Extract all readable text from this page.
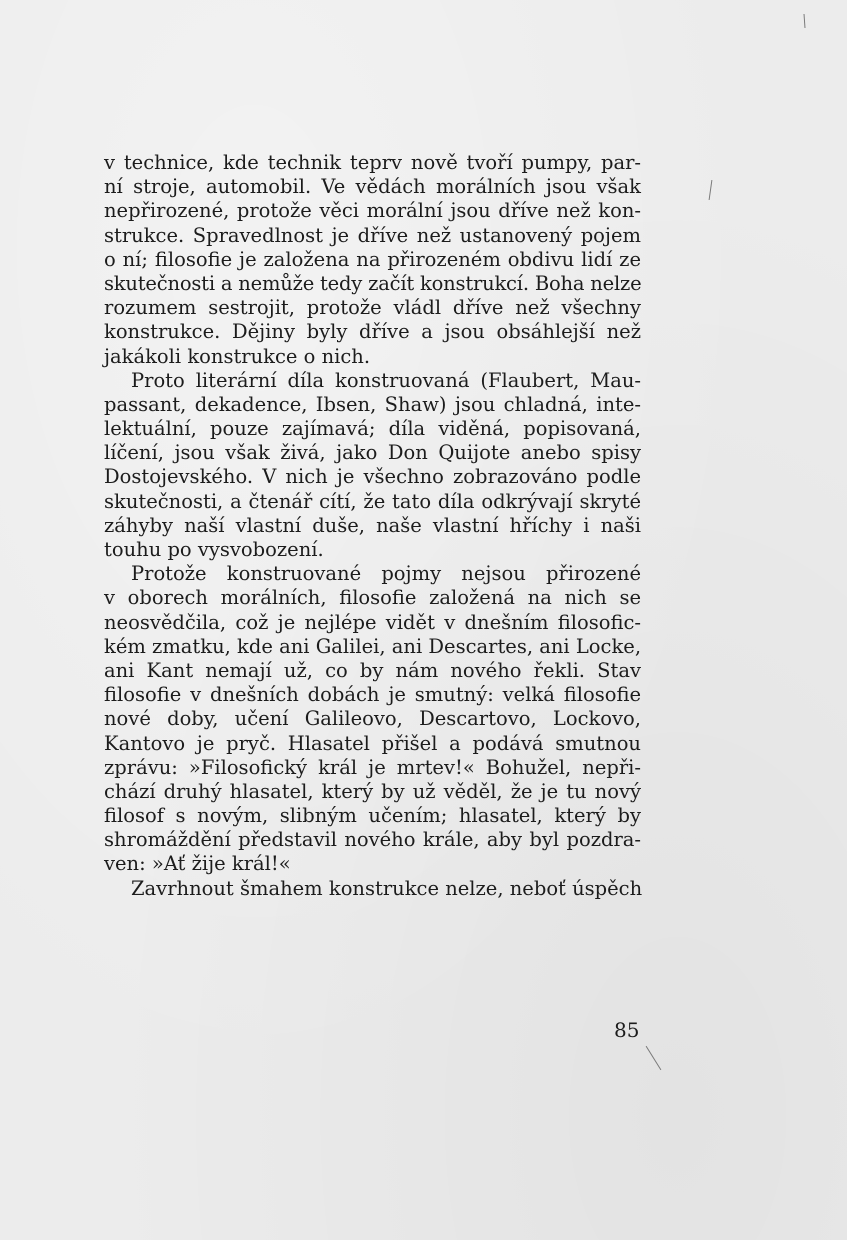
v technice, kde technik teprv nově tvoří pumpy, par-
ní stroje, automobil. Ve vědách morálních jsou však
nepřirozené, protože věci morální jsou dříve než kon-
strukce. Spravedlnost je dříve než ustanovený pojem
o ní; filosofie je založena na přirozeném obdivu lidí ze
skutečnosti a nemůže tedy začít konstrukcí. Boha nelze
rozumem sestrojit, protože vládl dříve než všechny
konstrukce. Dějiny byly dříve a jsou obsáhlejší než
jakákoli konstrukce o nich.
Proto literární díla konstruovaná (Flaubert, Mau-
passant, dekadence, Ibsen, Shaw) jsou chladná, inte-
lektuální, pouze zajímavá; díla viděná, popisovaná,
líčení, jsou však živá, jako Don Quijote anebo spisy
Dostojevského. V nich je všechno zobrazováno podle
skutečnosti, a čtenář cítí, že tato díla odkrývají skryté
záhyby naší vlastní duše, naše vlastní hříchy i naši
touhu po vysvobození.
Protože konstruované pojmy nejsou přirozené
v oborech morálních, filosofie založená na nich se
neosvědčila, což je nejlépe vidět v dnešním filosofic-
kém zmatku, kde ani Galilei, ani Descartes, ani Locke,
ani Kant nemají už, co by nám nového řekli. Stav
filosofie v dnešních dobách je smutný: velká filosofie
nové doby, učení Galileovo, Descartovo, Lockovo,
Kantovo je pryč. Hlasatel přišel a podává smutnou
zprávu: »Filosofický král je mrtev!« Bohužel, nepři-
chází druhý hlasatel, který by už věděl, že je tu nový
filosof s novým, slibným učením; hlasatel, který by
shromáždění představil nového krále, aby byl pozdra-
ven: »Ať žije král!«
Zavrhnout šmahem konstrukce nelze, neboť úspěch
85
